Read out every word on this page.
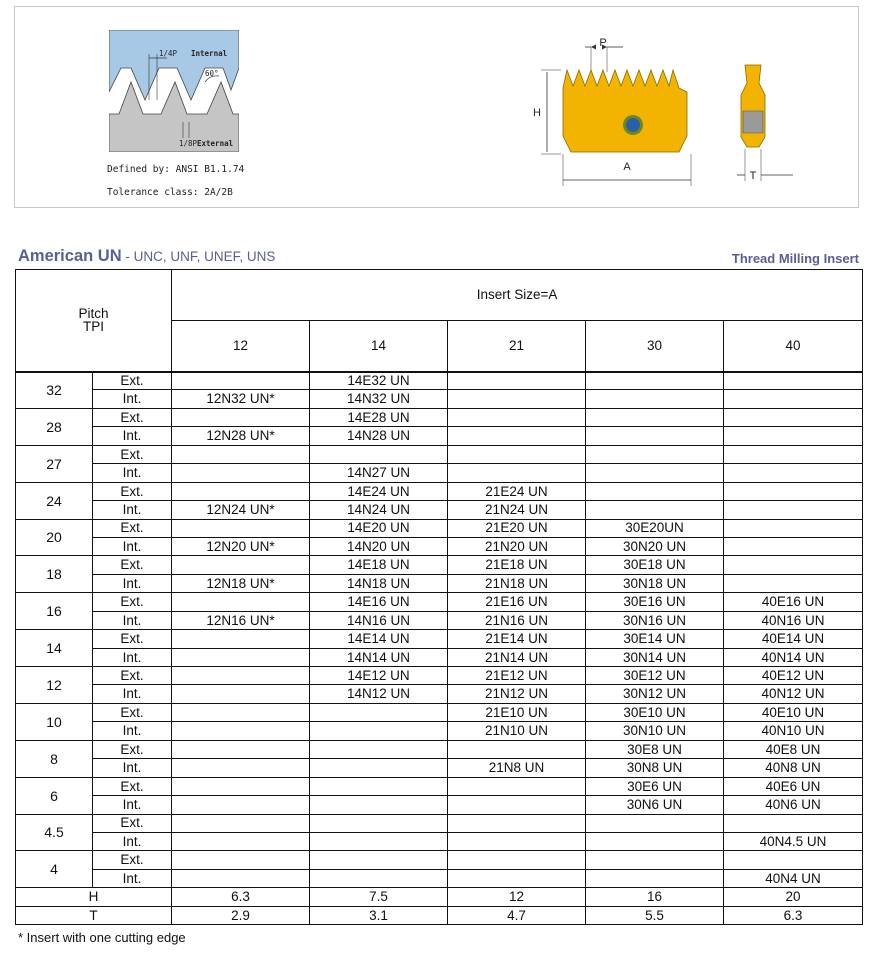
1/4P Internal
60°
1/8P External
Defined by: ANSI B1.1.74
Tolerance class: 2A/2B
P
H
A
T
American UN - UNC, UNF, UNEF, UNS	Thread Milling Insert
Pitch
TPI		Insert Size=A				
		12	14	21	30	40
32	Ext.		14E32 UN			
	Int.	12N32 UN*	14N32 UN			
28	Ext.		14E28 UN			
	Int.	12N28 UN*	14N28 UN			
27	Ext.					
	Int.		14N27 UN			
24	Ext.		14E24 UN	21E24 UN		
	Int.	12N24 UN*	14N24 UN	21N24 UN		
20	Ext.		14E20 UN	21E20 UN	30E20UN	
	Int.	12N20 UN*	14N20 UN	21N20 UN	30N20 UN	
18	Ext.		14E18 UN	21E18 UN	30E18 UN	
	Int.	12N18 UN*	14N18 UN	21N18 UN	30N18 UN	
16	Ext.		14E16 UN	21E16 UN	30E16 UN	40E16 UN
	Int.	12N16 UN*	14N16 UN	21N16 UN	30N16 UN	40N16 UN
14	Ext.		14E14 UN	21E14 UN	30E14 UN	40E14 UN
	Int.		14N14 UN	21N14 UN	30N14 UN	40N14 UN
12	Ext.		14E12 UN	21E12 UN	30E12 UN	40E12 UN
	Int.		14N12 UN	21N12 UN	30N12 UN	40N12 UN
10	Ext.			21E10 UN	30E10 UN	40E10 UN
	Int.			21N10 UN	30N10 UN	40N10 UN
8	Ext.				30E8 UN	40E8 UN
	Int.			21N8 UN	30N8 UN	40N8 UN
6	Ext.				30E6 UN	40E6 UN
	Int.				30N6 UN	40N6 UN
4.5	Ext.					
	Int.					40N4.5 UN
4	Ext.					
	Int.					40N4 UN
H		6.3	7.5	12	16	20
T		2.9	3.1	4.7	5.5	6.3
* Insert with one cutting edge
